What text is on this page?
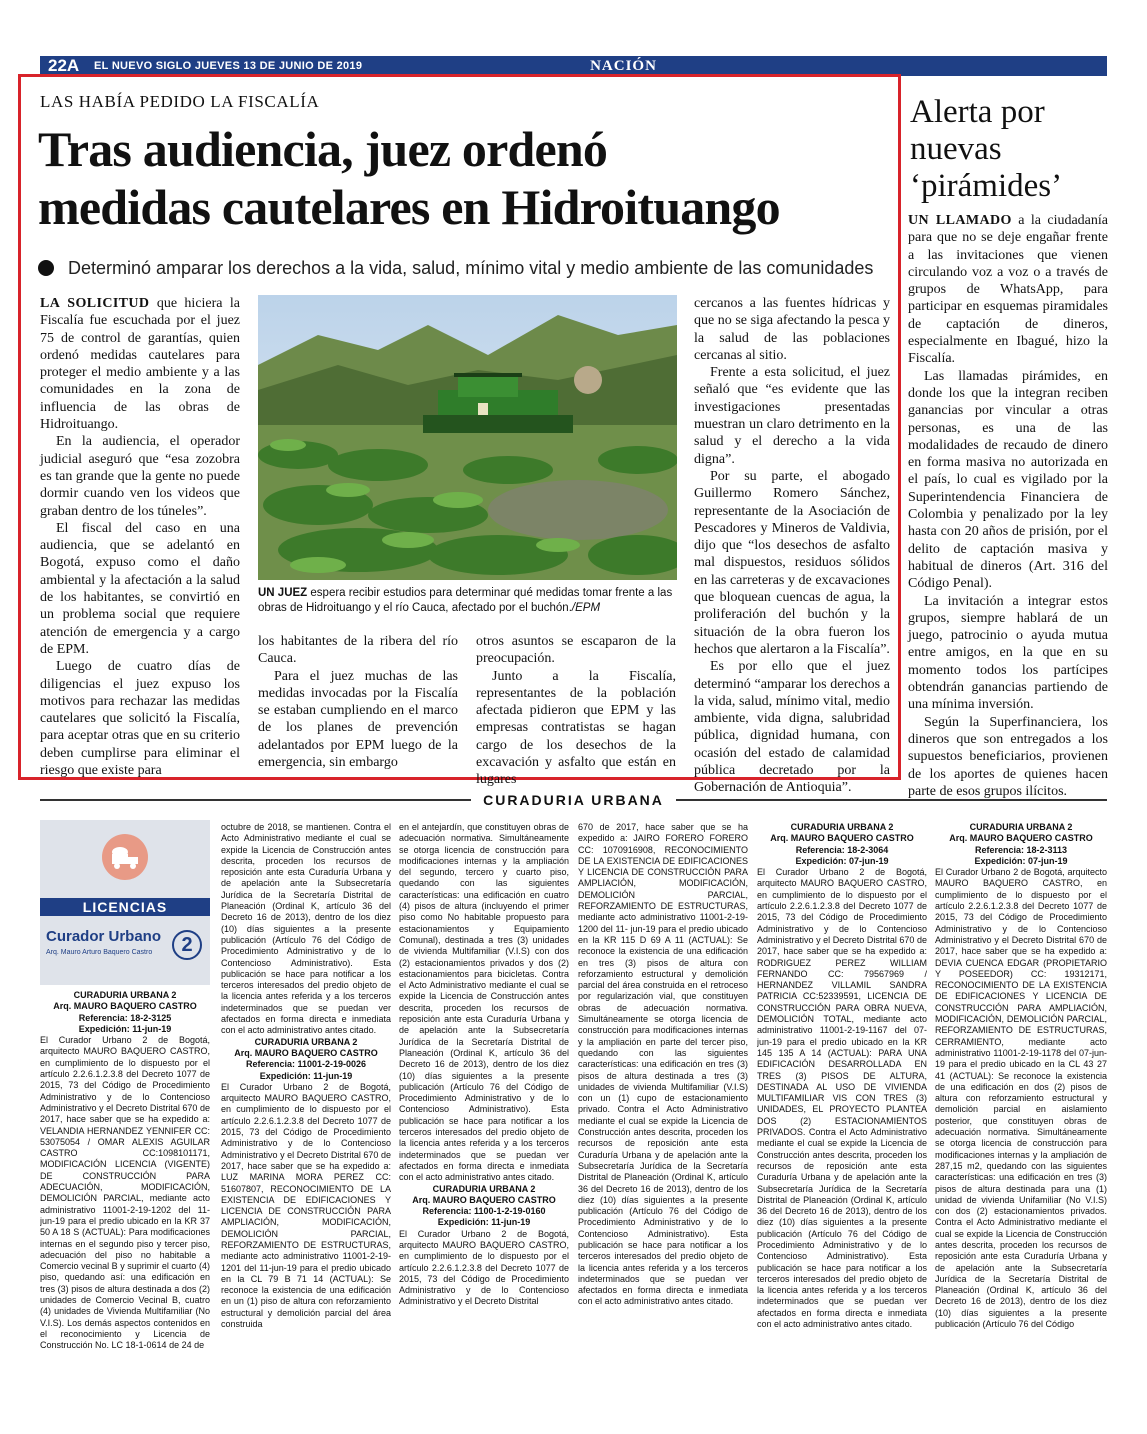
22A EL NUEVO SIGLO JUEVES 13 DE JUNIO DE 2019	NACIÓN
LAS HABÍA PEDIDO LA FISCALÍA
Tras audiencia, juez ordenó
medidas cautelares en Hidroituango
Determinó amparar los derechos a la vida, salud, mínimo vital y medio ambiente de las comunidades

LA SOLICITUD que hiciera la Fiscalía fue escuchada por el juez 75 de control de garantías, quien ordenó medidas cautelares para proteger el medio ambiente y a las comunidades en la zona de influencia de las obras de Hidroituango.

En la audiencia, el operador judicial aseguró que “esa zozobra es tan grande que la gente no puede dormir cuando ven los videos que graban dentro de los túneles”.

El fiscal del caso en una audiencia, que se adelantó en Bogotá, expuso como el daño ambiental y la afectación a la salud de los habitantes, se convirtió en un problema social que requiere atención de emergencia y a cargo de EPM.

Luego de cuatro días de diligencias el juez expuso los motivos para rechazar las medidas cautelares que solicitó la Fiscalía, para aceptar otras que en su criterio deben cumplirse para eliminar el riesgo que existe para

UN JUEZ espera recibir estudios para determinar qué medidas tomar frente a las obras de Hidroituango y el río Cauca, afectado por el buchón./EPM

los habitantes de la ribera del río Cauca.

Para el juez muchas de las medidas invocadas por la Fiscalía se estaban cumpliendo en el marco de los planes de prevención adelantados por EPM luego de la emergencia, sin embargo

otros asuntos se escaparon de la preocupación.

Junto a la Fiscalía, representantes de la población afectada pidieron que EPM y las empresas contratistas se hagan cargo de los desechos de la excavación y asfalto que están en lugares

cercanos a las fuentes hídricas y que no se siga afectando la pesca y la salud de las poblaciones cercanas al sitio.

Frente a esta solicitud, el juez señaló que “es evidente que las investigaciones presentadas muestran un claro detrimento en la salud y el derecho a la vida digna”.

Por su parte, el abogado Guillermo Romero Sánchez, representante de la Asociación de Pescadores y Mineros de Valdivia, dijo que “los desechos de asfalto mal dispuestos, residuos sólidos en las carreteras y de excavaciones que bloquean cuencas de agua, la proliferación del buchón y la situación de la obra fueron los hechos que alertaron a la Fiscalía”.

Es por ello que el juez determinó “amparar los derechos a la vida, salud, mínimo vital, medio ambiente, vida digna, salubridad pública, dignidad humana, con ocasión del estado de calamidad pública decretado por la Gobernación de Antioquia”.

Alerta por nuevas ‘pirámides’

UN LLAMADO a la ciudadanía para que no se deje engañar frente a las invitaciones que vienen circulando voz a voz o a través de grupos de WhatsApp, para participar en esquemas piramidales de captación de dineros, especialmente en Ibagué, hizo la Fiscalía.

Las llamadas pirámides, en donde los que la integran reciben ganancias por vincular a otras personas, es una de las modalidades de recaudo de dinero en forma masiva no autorizada en el país, lo cual es vigilado por la Superintendencia Financiera de Colombia y penalizado por la ley hasta con 20 años de prisión, por el delito de captación masiva y habitual de dineros (Art. 316 del Código Penal).

La invitación a integrar estos grupos, siempre hablará de un juego, patrocinio o ayuda mutua entre amigos, en la que en su momento todos los partícipes obtendrán ganancias partiendo de una mínima inversión.

Según la Superfinanciera, los dineros que son entregados a los supuestos beneficiarios, provienen de los aportes de quienes hacen parte de esos grupos ilícitos.

CURADURIA URBANA
LICENCIAS
Curador Urbano
Arq. Mauro Arturo Baquero Castro	2

CURADURIA URBANA 2

Arq. MAURO BAQUERO CASTRO

Referencia: 18-2-3125

Expedición: 11-jun-19

El Curador Urbano 2 de Bogotá, arquitecto MAURO BAQUERO CASTRO, en cumplimiento de lo dispuesto por el artículo 2.2.6.1.2.3.8 del Decreto 1077 de 2015, 73 del Código de Procedimiento Administrativo y de lo Contencioso Administrativo y el Decreto Distrital 670 de 2017, hace saber que se ha expedido a: VELANDIA HERNANDEZ YENNIFER CC: 53075054 / OMAR ALEXIS AGUILAR CASTRO CC:1098101171, MODIFICACIÓN LICENCIA (VIGENTE) DE CONSTRUCCIÓN PARA ADECUACIÓN, MODIFICACIÓN, DEMOLICIÓN PARCIAL, mediante acto administrativo 11001-2-19-1202 del 11-jun-19 para el predio ubicado en la KR 37 50 A 18 S (ACTUAL): Para modificaciones internas en el segundo piso y tercer piso, adecuación del piso no habitable a Comercio vecinal B y suprimir el cuarto (4) piso, quedando así: una edificación en tres (3) pisos de altura destinada a dos (2) unidades de Comercio Vecinal B, cuatro (4) unidades de Vivienda Multifamiliar (No V.I.S). Los demás aspectos contenidos en el reconocimiento y Licencia de Construcción No. LC 18-1-0614 de 24 de

octubre de 2018, se mantienen. Contra el Acto Administrativo mediante el cual se expide la Licencia de Construcción antes descrita, proceden los recursos de reposición ante esta Curaduría Urbana y de apelación ante la Subsecretaría Jurídica de la Secretaría Distrital de Planeación (Ordinal K, artículo 36 del Decreto 16 de 2013), dentro de los diez (10) días siguientes a la presente publicación (Artículo 76 del Código de Procedimiento Administrativo y de lo Contencioso Administrativo). Esta publicación se hace para notificar a los terceros interesados del predio objeto de la licencia antes referida y a los terceros indeterminados que se puedan ver afectados en forma directa e inmediata con el acto administrativo antes citado.

CURADURIA URBANA 2

Arq. MAURO BAQUERO CASTRO

Referencia: 11001-2-19-0026

Expedición: 11-jun-19

El Curador Urbano 2 de Bogotá, arquitecto MAURO BAQUERO CASTRO, en cumplimiento de lo dispuesto por el artículo 2.2.6.1.2.3.8 del Decreto 1077 de 2015, 73 del Código de Procedimiento Administrativo y de lo Contencioso Administrativo y el Decreto Distrital 670 de 2017, hace saber que se ha expedido a: LUZ MARINA MORA PEREZ CC: 51607807, RECONOCIMIENTO DE LA EXISTENCIA DE EDIFICACIONES Y LICENCIA DE CONSTRUCCIÓN PARA AMPLIACIÓN, MODIFICACIÓN, DEMOLICIÓN PARCIAL, REFORZAMIENTO DE ESTRUCTURAS, mediante acto administrativo 11001-2-19-1201 del 11-jun-19 para el predio ubicado en la CL 79 B 71 14 (ACTUAL): Se reconoce la existencia de una edificación en un (1) piso de altura con reforzamiento estructural y demolición parcial del área construida

en el antejardín, que constituyen obras de adecuación normativa. Simultáneamente se otorga licencia de construcción para modificaciones internas y la ampliación del segundo, tercero y cuarto piso, quedando con las siguientes características: una edificación en cuatro (4) pisos de altura (incluyendo el primer piso como No habitable propuesto para estacionamientos y Equipamiento Comunal), destinada a tres (3) unidades de vivienda Multifamiliar (V.I.S) con dos (2) estacionamientos privados y dos (2) estacionamientos para bicicletas. Contra el Acto Administrativo mediante el cual se expide la Licencia de Construcción antes descrita, proceden los recursos de reposición ante esta Curaduría Urbana y de apelación ante la Subsecretaría Jurídica de la Secretaría Distrital de Planeación (Ordinal K, artículo 36 del Decreto 16 de 2013), dentro de los diez (10) días siguientes a la presente publicación (Artículo 76 del Código de Procedimiento Administrativo y de lo Contencioso Administrativo). Esta publicación se hace para notificar a los terceros interesados del predio objeto de la licencia antes referida y a los terceros indeterminados que se puedan ver afectados en forma directa e inmediata con el acto administrativo antes citado.

CURADURIA URBANA 2

Arq. MAURO BAQUERO CASTRO

Referencia: 1100-1-2-19-0160

Expedición: 11-jun-19

El Curador Urbano 2 de Bogotá, arquitecto MAURO BAQUERO CASTRO, en cumplimiento de lo dispuesto por el artículo 2.2.6.1.2.3.8 del Decreto 1077 de 2015, 73 del Código de Procedimiento Administrativo y de lo Contencioso Administrativo y el Decreto Distrital

670 de 2017, hace saber que se ha expedido a: JAIRO FORERO FORERO CC: 1070916908, RECONOCIMIENTO DE LA EXISTENCIA DE EDIFICACIONES Y LICENCIA DE CONSTRUCCIÓN PARA AMPLIACIÓN, MODIFICACIÓN, DEMOLICIÓN PARCIAL, REFORZAMIENTO DE ESTRUCTURAS, mediante acto administrativo 11001-2-19-1200 del 11- jun-19 para el predio ubicado en la KR 115 D 69 A 11 (ACTUAL): Se reconoce la existencia de una edificación en tres (3) pisos de altura con reforzamiento estructural y demolición parcial del área construida en el retroceso por regularización vial, que constituyen obras de adecuación normativa. Simultáneamente se otorga licencia de construcción para modificaciones internas y la ampliación en parte del tercer piso, quedando con las siguientes características: una edificación en tres (3) pisos de altura destinada a tres (3) unidades de vivienda Multifamiliar (V.I.S) con un (1) cupo de estacionamiento privado. Contra el Acto Administrativo mediante el cual se expide la Licencia de Construcción antes descrita, proceden los recursos de reposición ante esta Curaduría Urbana y de apelación ante la Subsecretaría Jurídica de la Secretaría Distrital de Planeación (Ordinal K, artículo 36 del Decreto 16 de 2013), dentro de los diez (10) días siguientes a la presente publicación (Artículo 76 del Código de Procedimiento Administrativo y de lo Contencioso Administrativo). Esta publicación se hace para notificar a los terceros interesados del predio objeto de la licencia antes referida y a los terceros indeterminados que se puedan ver afectados en forma directa e inmediata con el acto administrativo antes citado.

CURADURIA URBANA 2

Arq. MAURO BAQUERO CASTRO

Referencia: 18-2-3064

Expedición: 07-jun-19

El Curador Urbano 2 de Bogotá, arquitecto MAURO BAQUERO CASTRO, en cumplimiento de lo dispuesto por el artículo 2.2.6.1.2.3.8 del Decreto 1077 de 2015, 73 del Código de Procedimiento Administrativo y de lo Contencioso Administrativo y el Decreto Distrital 670 de 2017, hace saber que se ha expedido a: RODRIGUEZ PEREZ WILLIAM FERNANDO CC: 79567969 / HERNANDEZ VILLAMIL SANDRA PATRICIA CC:52339591, LICENCIA DE CONSTRUCCIÓN PARA OBRA NUEVA, DEMOLICIÓN TOTAL, mediante acto administrativo 11001-2-19-1167 del 07-jun-19 para el predio ubicado en la KR 145 135 A 14 (ACTUAL): PARA UNA EDIFICACIÓN DESARROLLADA EN TRES (3) PISOS DE ALTURA, DESTINADA AL USO DE VIVIENDA MULTIFAMILIAR VIS CON TRES (3) UNIDADES, EL PROYECTO PLANTEA DOS (2) ESTACIONAMIENTOS PRIVADOS. Contra el Acto Administrativo mediante el cual se expide la Licencia de Construcción antes descrita, proceden los recursos de reposición ante esta Curaduría Urbana y de apelación ante la Subsecretaría Jurídica de la Secretaría Distrital de Planeación (Ordinal K, artículo 36 del Decreto 16 de 2013), dentro de los diez (10) días siguientes a la presente publicación (Artículo 76 del Código de Procedimiento Administrativo y de lo Contencioso Administrativo). Esta publicación se hace para notificar a los terceros interesados del predio objeto de la licencia antes referida y a los terceros indeterminados que se puedan ver afectados en forma directa e inmediata con el acto administrativo antes citado.

CURADURIA URBANA 2

Arq. MAURO BAQUERO CASTRO

Referencia: 18-2-3113

Expedición: 07-jun-19

El Curador Urbano 2 de Bogotá, arquitecto MAURO BAQUERO CASTRO, en cumplimiento de lo dispuesto por el artículo 2.2.6.1.2.3.8 del Decreto 1077 de 2015, 73 del Código de Procedimiento Administrativo y de lo Contencioso Administrativo y el Decreto Distrital 670 de 2017, hace saber que se ha expedido a: DEVIA CUENCA EDGAR (PROPIETARIO Y POSEEDOR) CC: 19312171, RECONOCIMIENTO DE LA EXISTENCIA DE EDIFICACIONES Y LICENCIA DE CONSTRUCCIÓN PARA AMPLIACIÓN, MODIFICACIÓN, DEMOLICIÓN PARCIAL, REFORZAMIENTO DE ESTRUCTURAS, CERRAMIENTO, mediante acto administrativo 11001-2-19-1178 del 07-jun-19 para el predio ubicado en la CL 43 27 41 (ACTUAL): Se reconoce la existencia de una edificación en dos (2) pisos de altura con reforzamiento estructural y demolición parcial en aislamiento posterior, que constituyen obras de adecuación normativa. Simultáneamente se otorga licencia de construcción para modificaciones internas y la ampliación de 287,15 m2, quedando con las siguientes características: una edificación en tres (3) pisos de altura destinada para una (1) unidad de vivienda Unifamiliar (No V.I.S) con dos (2) estacionamientos privados. Contra el Acto Administrativo mediante el cual se expide la Licencia de Construcción antes descrita, proceden los recursos de reposición ante esta Curaduría Urbana y de apelación ante la Subsecretaría Jurídica de la Secretaría Distrital de Planeación (Ordinal K, artículo 36 del Decreto 16 de 2013), dentro de los diez (10) días siguientes a la presente publicación (Artículo 76 del Código
